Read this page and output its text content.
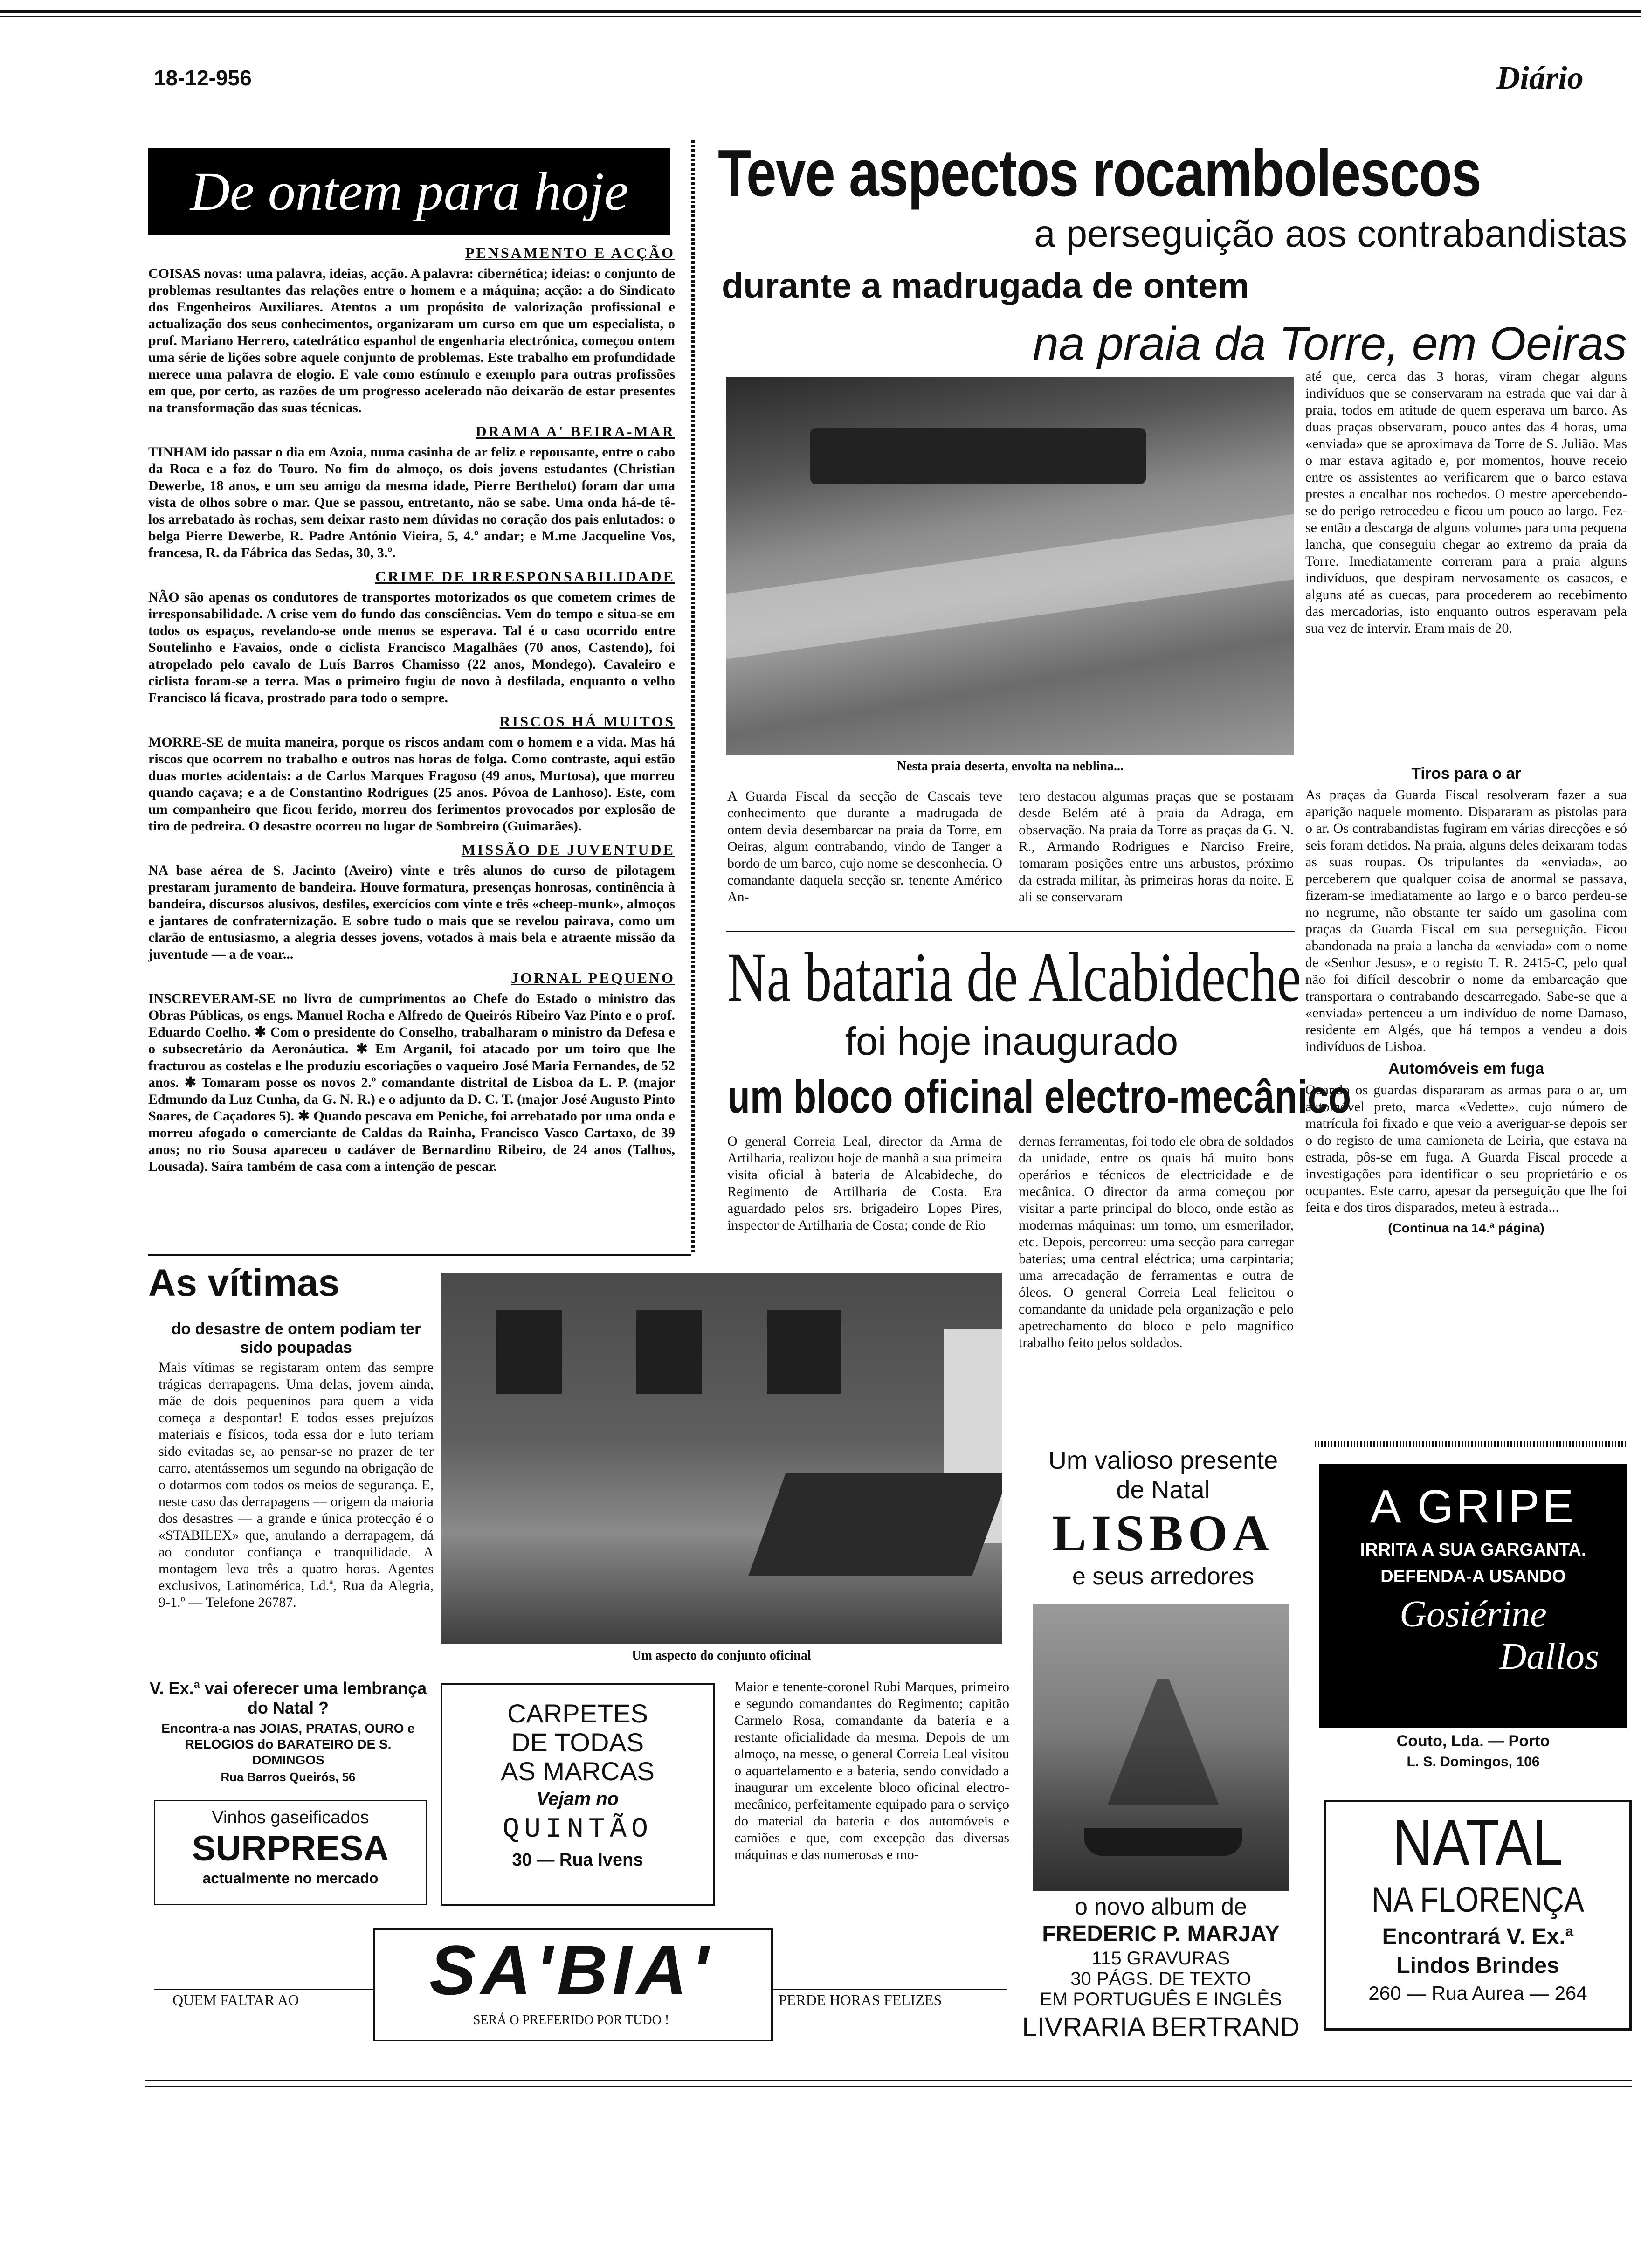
18-12-956	Diário
De ontem para hoje
PENSAMENTO E ACÇÃO

COISAS novas: uma palavra, ideias, acção. A palavra: cibernética; ideias: o conjunto de problemas resultantes das relações entre o homem e a máquina; acção: a do Sindicato dos Engenheiros Auxiliares. Atentos a um propósito de valorização profissional e actualização dos seus conhecimentos, organizaram um curso em que um especialista, o prof. Mariano Herrero, catedrático espanhol de engenharia electrónica, começou ontem uma série de lições sobre aquele conjunto de problemas. Este trabalho em profundidade merece uma palavra de elogio. E vale como estímulo e exemplo para outras profissões em que, por certo, as razões de um progresso acelerado não deixarão de estar presentes na transformação das suas técnicas.

DRAMA A' BEIRA-MAR

TINHAM ido passar o dia em Azoia, numa casinha de ar feliz e repousante, entre o cabo da Roca e a foz do Touro. No fim do almoço, os dois jovens estudantes (Christian Dewerbe, 18 anos, e um seu amigo da mesma idade, Pierre Berthelot) foram dar uma vista de olhos sobre o mar. Que se passou, entretanto, não se sabe. Uma onda há-de tê-los arrebatado às rochas, sem deixar rasto nem dúvidas no coração dos pais enlutados: o belga Pierre Dewerbe, R. Padre António Vieira, 5, 4.º andar; e M.me Jacqueline Vos, francesa, R. da Fábrica das Sedas, 30, 3.º.

CRIME DE IRRESPONSABILIDADE

NÃO são apenas os condutores de transportes motorizados os que cometem crimes de irresponsabilidade. A crise vem do fundo das consciências. Vem do tempo e situa-se em todos os espaços, revelando-se onde menos se esperava. Tal é o caso ocorrido entre Soutelinho e Favaios, onde o ciclista Francisco Magalhães (70 anos, Castendo), foi atropelado pelo cavalo de Luís Barros Chamisso (22 anos, Mondego). Cavaleiro e ciclista foram-se a terra. Mas o primeiro fugiu de novo à desfilada, enquanto o velho Francisco lá ficava, prostrado para todo o sempre.

RISCOS HÁ MUITOS

MORRE-SE de muita maneira, porque os riscos andam com o homem e a vida. Mas há riscos que ocorrem no trabalho e outros nas horas de folga. Como contraste, aqui estão duas mortes acidentais: a de Carlos Marques Fragoso (49 anos, Murtosa), que morreu quando caçava; e a de Constantino Rodrigues (25 anos. Póvoa de Lanhoso). Este, com um companheiro que ficou ferido, morreu dos ferimentos provocados por explosão de tiro de pedreira. O desastre ocorreu no lugar de Sombreiro (Guimarães).

MISSÃO DE JUVENTUDE

NA base aérea de S. Jacinto (Aveiro) vinte e três alunos do curso de pilotagem prestaram juramento de bandeira. Houve formatura, presenças honrosas, continência à bandeira, discursos alusivos, desfiles, exercícios com vinte e três «cheep-munk», almoços e jantares de confraternização. E sobre tudo o mais que se revelou pairava, como um clarão de entusiasmo, a alegria desses jovens, votados à mais bela e atraente missão da juventude — a de voar...

JORNAL PEQUENO

INSCREVERAM-SE no livro de cumprimentos ao Chefe do Estado o ministro das Obras Públicas, os engs. Manuel Rocha e Alfredo de Queirós Ribeiro Vaz Pinto e o prof. Eduardo Coelho. ✱ Com o presidente do Conselho, trabalharam o ministro da Defesa e o subsecretário da Aeronáutica. ✱ Em Arganil, foi atacado por um toiro que lhe fracturou as costelas e lhe produziu escoriações o vaqueiro José Maria Fernandes, de 52 anos. ✱ Tomaram posse os novos 2.º comandante distrital de Lisboa da L. P. (major Edmundo da Luz Cunha, da G. N. R.) e o adjunto da D. C. T. (major José Augusto Pinto Soares, de Caçadores 5). ✱ Quando pescava em Peniche, foi arrebatado por uma onda e morreu afogado o comerciante de Caldas da Rainha, Francisco Vasco Cartaxo, de 39 anos; no rio Sousa apareceu o cadáver de Bernardino Ribeiro, de 24 anos (Talhos, Lousada). Saíra também de casa com a intenção de pescar.

Teve aspectos rocambolescos
a perseguição aos contrabandistas
durante a madrugada de ontem
na praia da Torre, em Oeiras
Nesta praia deserta, envolta na neblina...

até que, cerca das 3 horas, viram chegar alguns indivíduos que se conservaram na estrada que vai dar à praia, todos em atitude de quem esperava um barco. As duas praças observaram, pouco antes das 4 horas, uma «enviada» que se aproximava da Torre de S. Julião. Mas o mar estava agitado e, por momentos, houve receio entre os assistentes ao verificarem que o barco estava prestes a encalhar nos rochedos. O mestre apercebendo-se do perigo retrocedeu e ficou um pouco ao largo. Fez-se então a descarga de alguns volumes para uma pequena lancha, que conseguiu chegar ao extremo da praia da Torre. Imediatamente correram para a praia alguns indivíduos, que despiram nervosamente os casacos, e alguns até as cuecas, para procederem ao recebimento das mercadorias, isto enquanto outros esperavam pela sua vez de intervir. Eram mais de 20.

A Guarda Fiscal da secção de Cascais teve conhecimento que durante a madrugada de ontem devia desembarcar na praia da Torre, em Oeiras, algum contrabando, vindo de Tanger a bordo de um barco, cujo nome se desconhecia. O comandante daquela secção sr. tenente Américo An-

tero destacou algumas praças que se postaram desde Belém até à praia da Adraga, em observação. Na praia da Torre as praças da G. N. R., Armando Rodrigues e Narciso Freire, tomaram posições entre uns arbustos, próximo da estrada militar, às primeiras horas da noite. E ali se conservaram

Tiros para o ar

As praças da Guarda Fiscal resolveram fazer a sua aparição naquele momento. Dispararam as pistolas para o ar. Os contrabandistas fugiram em várias direcções e só seis foram detidos. Na praia, alguns deles deixaram todas as suas roupas. Os tripulantes da «enviada», ao perceberem que qualquer coisa de anormal se passava, fizeram-se imediatamente ao largo e o barco perdeu-se no negrume, não obstante ter saído um gasolina com praças da Guarda Fiscal em sua perseguição. Ficou abandonada na praia a lancha da «enviada» com o nome de «Senhor Jesus», e o registo T. R. 2415-C, pelo qual não foi difícil descobrir o nome da embarcação que transportara o contrabando descarregado. Sabe-se que a «enviada» pertenceu a um indivíduo de nome Damaso, residente em Algés, que há tempos a vendeu a dois indivíduos de Lisboa.

Automóveis em fuga

Quando os guardas dispararam as armas para o ar, um automóvel preto, marca «Vedette», cujo número de matrícula foi fixado e que veio a averiguar-se depois ser o do registo de uma camioneta de Leiria, que estava na estrada, pôs-se em fuga. A Guarda Fiscal procede a investigações para identificar o seu proprietário e os ocupantes. Este carro, apesar da perseguição que lhe foi feita e dos tiros disparados, meteu à estrada...

(Continua na 14.ª página)
Na bataria de Alcabideche
foi hoje inaugurado
um bloco oficinal electro-mecânico

O general Correia Leal, director da Arma de Artilharia, realizou hoje de manhã a sua primeira visita oficial à bateria de Alcabideche, do Regimento de Artilharia de Costa. Era aguardado pelos srs. brigadeiro Lopes Pires, inspector de Artilharia de Costa; conde de Rio

dernas ferramentas, foi todo ele obra de soldados da unidade, entre os quais há muito bons operários e técnicos de electricidade e de mecânica. O director da arma começou por visitar a parte principal do bloco, onde estão as modernas máquinas: um torno, um esmerilador, etc. Depois, percorreu: uma secção para carregar baterias; uma central eléctrica; uma carpintaria; uma arrecadação de ferramentas e outra de óleos. O general Correia Leal felicitou o comandante da unidade pela organização e pelo apetrechamento do bloco e pelo magnífico trabalho feito pelos soldados.

Um aspecto do conjunto oficinal

Maior e tenente-coronel Rubi Marques, primeiro e segundo comandantes do Regimento; capitão Carmelo Rosa, comandante da bateria e a restante oficialidade da mesma. Depois de um almoço, na messe, o general Correia Leal visitou o aquartelamento e a bateria, sendo convidado a inaugurar um excelente bloco oficinal electro-mecânico, perfeitamente equipado para o serviço do material da bateria e dos automóveis e camiões e que, com excepção das diversas máquinas e das numerosas e mo-

As vítimas
do desastre de ontem podiam ter sido poupadas

Mais vítimas se registaram ontem das sempre trágicas derrapagens. Uma delas, jovem ainda, mãe de dois pequeninos para quem a vida começa a despontar! E todos esses prejuízos materiais e físicos, toda essa dor e luto teriam sido evitadas se, ao pensar-se no prazer de ter carro, atentássemos um segundo na obrigação de o dotarmos com todos os meios de segurança. E, neste caso das derrapagens — origem da maioria dos desastres — a grande e única protecção é o «STABILEX» que, anulando a derrapagem, dá ao condutor confiança e tranquilidade. A montagem leva três a quatro horas. Agentes exclusivos, Latinomérica, Ld.ª, Rua da Alegria, 9-1.º — Telefone 26787.

V. Ex.ª vai oferecer uma lembrança do Natal ?
Encontra-a nas JOIAS, PRATAS, OURO e RELOGIOS do BARATEIRO DE S. DOMINGOS
Rua Barros Queirós, 56
Vinhos gaseificados
SURPRESA
actualmente no mercado
CARPETES
DE TODAS
AS MARCAS
Vejam no
QUINTÃO
30 — Rua Ivens
Um valioso presente
de Natal
LISBOA
e seus arredores
o novo album de
FREDERIC P. MARJAY
115 GRAVURAS
30 PÁGS. DE TEXTO
EM PORTUGUÊS E INGLÊS
LIVRARIA BERTRAND
A GRIPE
IRRITA A SUA GARGANTA.
DEFENDA-A USANDO
Gosiérine
Dallos
Couto, Lda. — Porto
L. S. Domingos, 106
NATAL
NA FLORENÇA
Encontrará V. Ex.ª
Lindos Brindes
260 — Rua Aurea — 264
QUEM FALTAR AO	SA'BIA'
SERÁ O PREFERIDO POR TUDO !
PERDE HORAS FELIZES
